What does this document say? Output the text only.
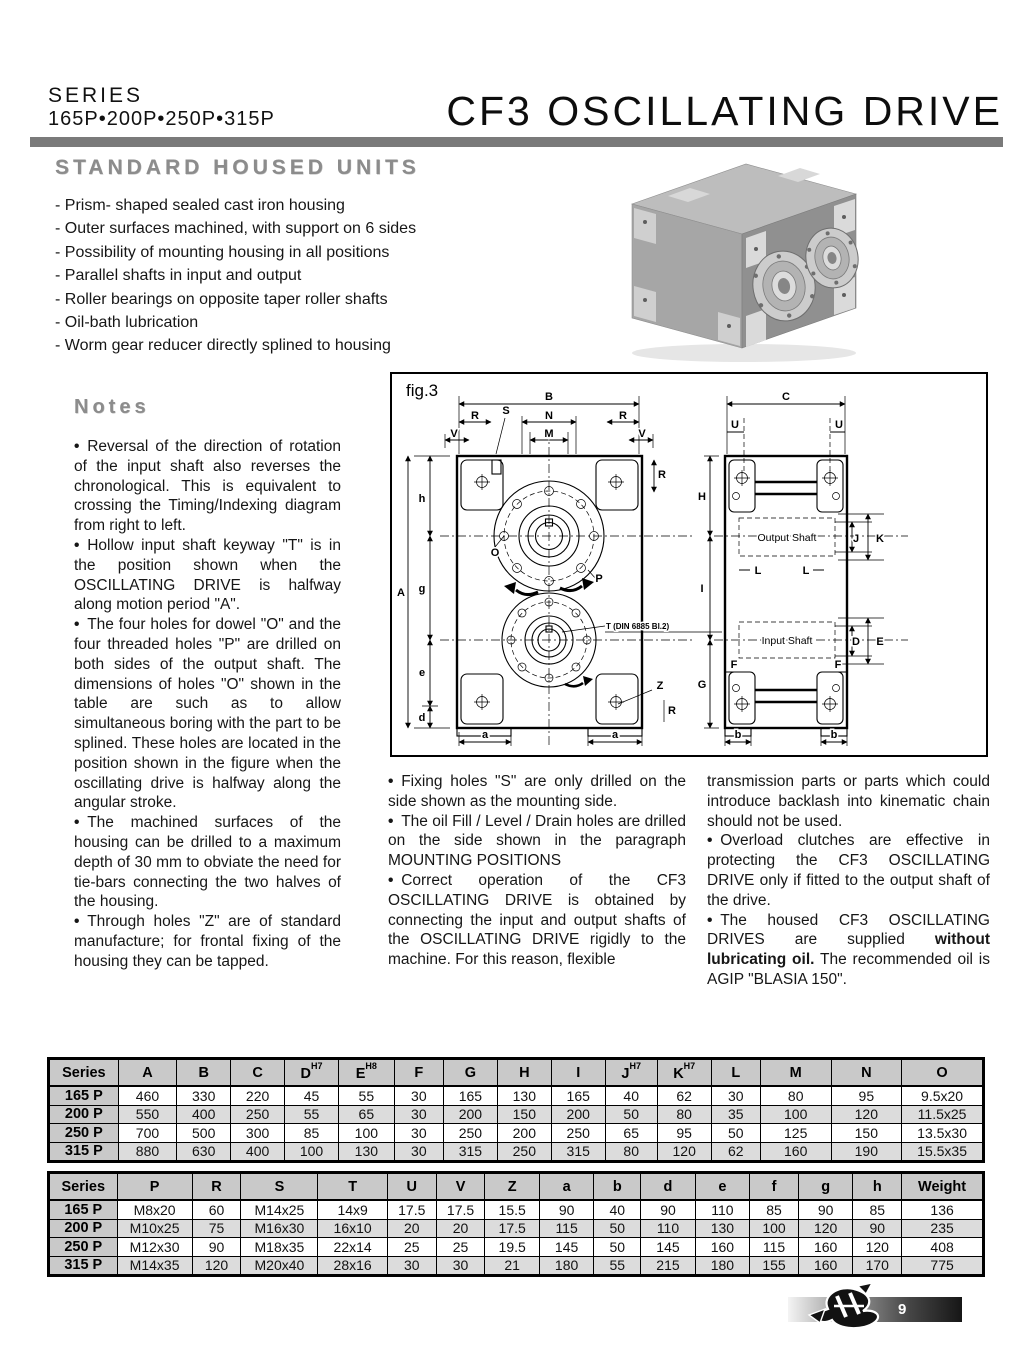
SERIES
165P•200P•250P•315P	CF3 OSCILLATING DRIVE
STANDARD HOUSED UNITS
- Prism- shaped sealed cast iron housing
- Outer surfaces machined, with support on 6 sides
- Possibility of mounting housing in all positions
- Parallel shafts in input and output
- Roller bearings on opposite taper roller shafts
- Oil-bath lubrication
- Worm gear reducer directly splined to housing
Notes

• Reversal of the direction of rotation of the input shaft also reverses the chronological. This is equivalent to crossing the Timing/Indexing diagram from right to left.

• Hollow input shaft keyway "T" is in the position shown when the OSCILLATING DRIVE is halfway along motion period "A".

• The four holes for dowel "O" and the four threaded holes "P" are drilled on both sides of the output shaft. The dimensions of holes "O" shown in the table are such as to allow simultaneous boring with the part to be splined. These holes are located in the position shown in the figure when the oscillating drive is halfway along the angular stroke.

• The machined surfaces of the housing can be drilled to a maximum depth of 30 mm to obviate the need for tie-bars connecting the two halves of the housing.

• Through holes "Z" are of standard manufacture; for frontal fixing of the housing they can be tapped.

Output Shaft
Input Shaft
T (DIN 6885 Bl.2)
B
N
M
R	R
R
R
V	V
S
A
h
g
e
d
a	a
Z
O
P
C
U	U
H
I
G
J K
L	L
D E
F	F
b	b
fig.3

• Fixing holes "S" are only drilled on the side shown as the mounting side.

• The oil Fill / Level / Drain holes are drilled on the side shown in the paragraph MOUNTING POSITIONS

• Correct operation of the CF3 OSCILLATING DRIVE is obtained by connecting the input and output shafts of the OSCILLATING DRIVE rigidly to the machine. For this reason, flexible

transmission parts or parts which could introduce backlash into kinematic chain should not be used.

• Overload clutches are effective in protecting the CF3 OSCILLATING DRIVE only if fitted to the output shaft of the drive.

• The housed CF3 OSCILLATING DRIVES are supplied without lubricating oil. The recommended oil is AGIP "BLASIA 150".

Series	A	B	C	$D^{H7}$	$E^{H8}$	F	G	H	I	$J^{H7}$	$K^{H7}$	L	M	N	O
165 P	460	330	220	45	55	30	165	130	165	40	62	30	80	95	9.5x20
200 P	550	400	250	55	65	30	200	150	200	50	80	35	100	120	11.5x25
250 P	700	500	300	85	100	30	250	200	250	65	95	50	125	150	13.5x30
315 P	880	630	400	100	130	30	315	250	315	80	120	62	160	190	15.5x35
Series	P	R	S	T	U	V	Z	a	b	d	e	f	g	h	Weight
165 P	M8x20	60	M14x25	14x9	17.5	17.5	15.5	90	40	90	110	85	90	85	136
200 P	M10x25	75	M16x30	16x10	20	20	17.5	115	50	110	130	100	120	90	235
250 P	M12x30	90	M18x35	22x14	25	25	19.5	145	50	145	160	115	160	120	408
315 P	M14x35	120	M20x40	28x16	30	30	21	180	55	215	180	155	160	170	775
9
